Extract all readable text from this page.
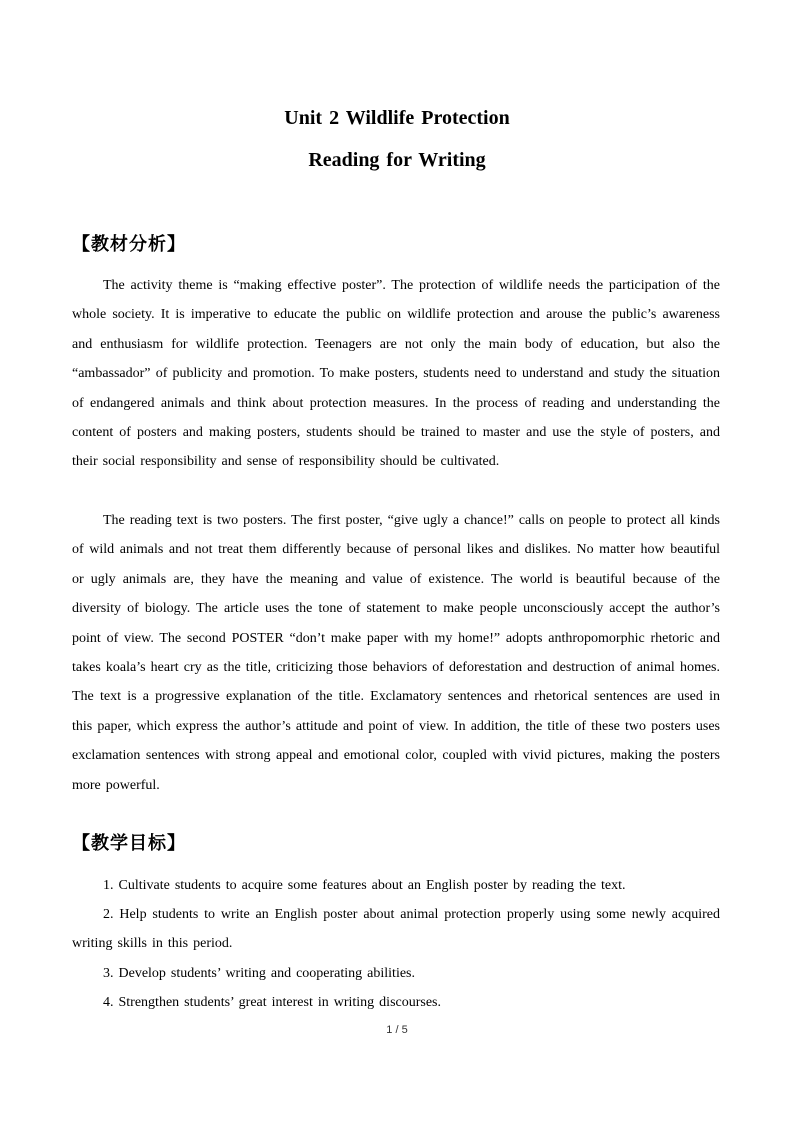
Unit 2 Wildlife Protection
Reading for Writing
【教材分析】

The activity theme is “making effective poster”. The protection of wildlife needs the participation of the whole society. It is imperative to educate the public on wildlife protection and arouse the public’s awareness and enthusiasm for wildlife protection. Teenagers are not only the main body of education, but also the “ambassador” of publicity and promotion. To make posters, students need to understand and study the situation of endangered animals and think about protection measures. In the process of reading and understanding the content of posters and making posters, students should be trained to master and use the style of posters, and their social responsibility and sense of responsibility should be cultivated.

The reading text is two posters. The first poster, “give ugly a chance!” calls on people to protect all kinds of wild animals and not treat them differently because of personal likes and dislikes. No matter how beautiful or ugly animals are, they have the meaning and value of existence. The world is beautiful because of the diversity of biology. The article uses the tone of statement to make people unconsciously accept the author’s point of view. The second POSTER “don’t make paper with my home!” adopts anthropomorphic rhetoric and takes koala’s heart cry as the title, criticizing those behaviors of deforestation and destruction of animal homes. The text is a progressive explanation of the title. Exclamatory sentences and rhetorical sentences are used in this paper, which express the author’s attitude and point of view. In addition, the title of these two posters uses exclamation sentences with strong appeal and emotional color, coupled with vivid pictures, making the posters more powerful.

【教学目标】

1. Cultivate students to acquire some features about an English poster by reading the text.

2. Help students to write an English poster about animal protection properly using some newly acquired writing skills in this period.

3. Develop students’ writing and cooperating abilities.

4. Strengthen students’ great interest in writing discourses.

1 / 5
